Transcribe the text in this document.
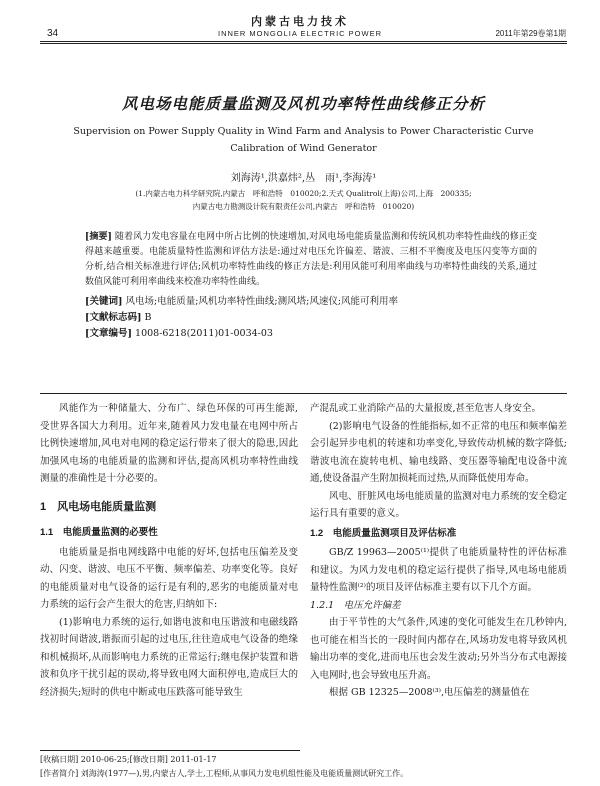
内蒙古电力技术
INNER MONGOLIA ELECTRIC POWER
34	2011年第29卷第1期
风电场电能质量监测及风机功率特性曲线修正分析
Supervision on Power Supply Quality in Wind Farm and Analysis to Power Characteristic Curve Calibration of Wind Generator
刘海涛¹,洪嘉炜²,丛　雨¹,李海涛¹
(1.内蒙古电力科学研究院,内蒙古　呼和浩特　010020;2.天式 Qualitrol(上海)公司,上海　200335;
内蒙古电力勘测设计院有限责任公司,内蒙古　呼和浩特　010020)
[摘要] 随着风力发电容量在电网中所占比例的快速增加,对风电场电能质量监测和传统风机功率特性曲线的修正变得越来越重要。电能质量特性监测和评估方法是:通过对电压允许偏差、谐波、三相不平衡度及电压闪变等方面的分析,结合相关标准进行评估;风机功率特性曲线的修正方法是:利用风能可利用率曲线与功率特性曲线的关系,通过数值风能可利用率曲线来校准功率特性曲线。
[关键词] 风电场;电能质量;风机功率特性曲线;测风塔;风速仪;风能可利用率
[文献标志码] B
[文章编号] 1008-6218(2011)01-0034-03

风能作为一种储量大、分布广、绿色环保的可再生能源,受世界各国大力利用。近年来,随着风力发电量在电网中所占比例快速增加,风电对电网的稳定运行带来了很大的隐患,因此加强风电场的电能质量的监测和评估,提高风机功率特性曲线测量的准确性是十分必要的。

1　风电场电能质量监测
1.1　电能质量监测的必要性

电能质量是指电网线路中电能的好坏,包括电压偏差及变动、闪变、谐波、电压不平衡、频率偏差、功率变化等。良好的电能质量对电气设备的运行是有利的,恶劣的电能质量对电力系统的运行会产生很大的危害,归纳如下:

(1)影响电力系统的运行,如谐电波和电压谐波和电磁线路找初时间谐波,谐振而引起的过电压,往往造成电气设备的绝缘和机械损坏,从而影响电力系统的正常运行;继电保护装置和谐波和负序干扰引起的误动,将导致电网大面积停电,造成巨大的经济损失;短时的供电中断或电压跌落可能导致生

产混乱或工业消除产品的大量报废,甚至危害人身安全。

(2)影响电气设备的性能指标,如不正常的电压和频率偏差会引起异步电机的转速和功率变化,导致传动机械的数字降低;谐波电流在旋转电机、输电线路、变压器等输配电设备中流通,使设备温产生附加损耗而过热,从而降低使用寿命。

风电、肝脏风电场电能质量的监测对电力系统的安全稳定运行具有重要的意义。

1.2　电能质量监测项目及评估标准

GB/Z 19963—2005⁽¹⁾提供了电能质量特性的评估标准和建议。为风力发电机的稳定运行提供了指导,风电场电能质量特性监测⁽²⁾的项目及评估标准主要有以下几个方面。

1.2.1　电压允许偏差

由于平节性的大气条件,风速的变化可能发生在几秒钟内,也可能在相当长的一段时间内都存在,风场功发电将导致风机输出功率的变化,进而电压也会发生波动;另外当分布式电源接入电网时,也会导致电压升高。

根据 GB 12325—2008⁽³⁾,电压偏差的测量值在

[收稿日期] 2010-06-25;[修改日期] 2011-01-17
[作者简介] 刘海涛(1977—),男,内蒙古人,学士,工程师,从事风力发电机组性能及电能质量测试研究工作。
